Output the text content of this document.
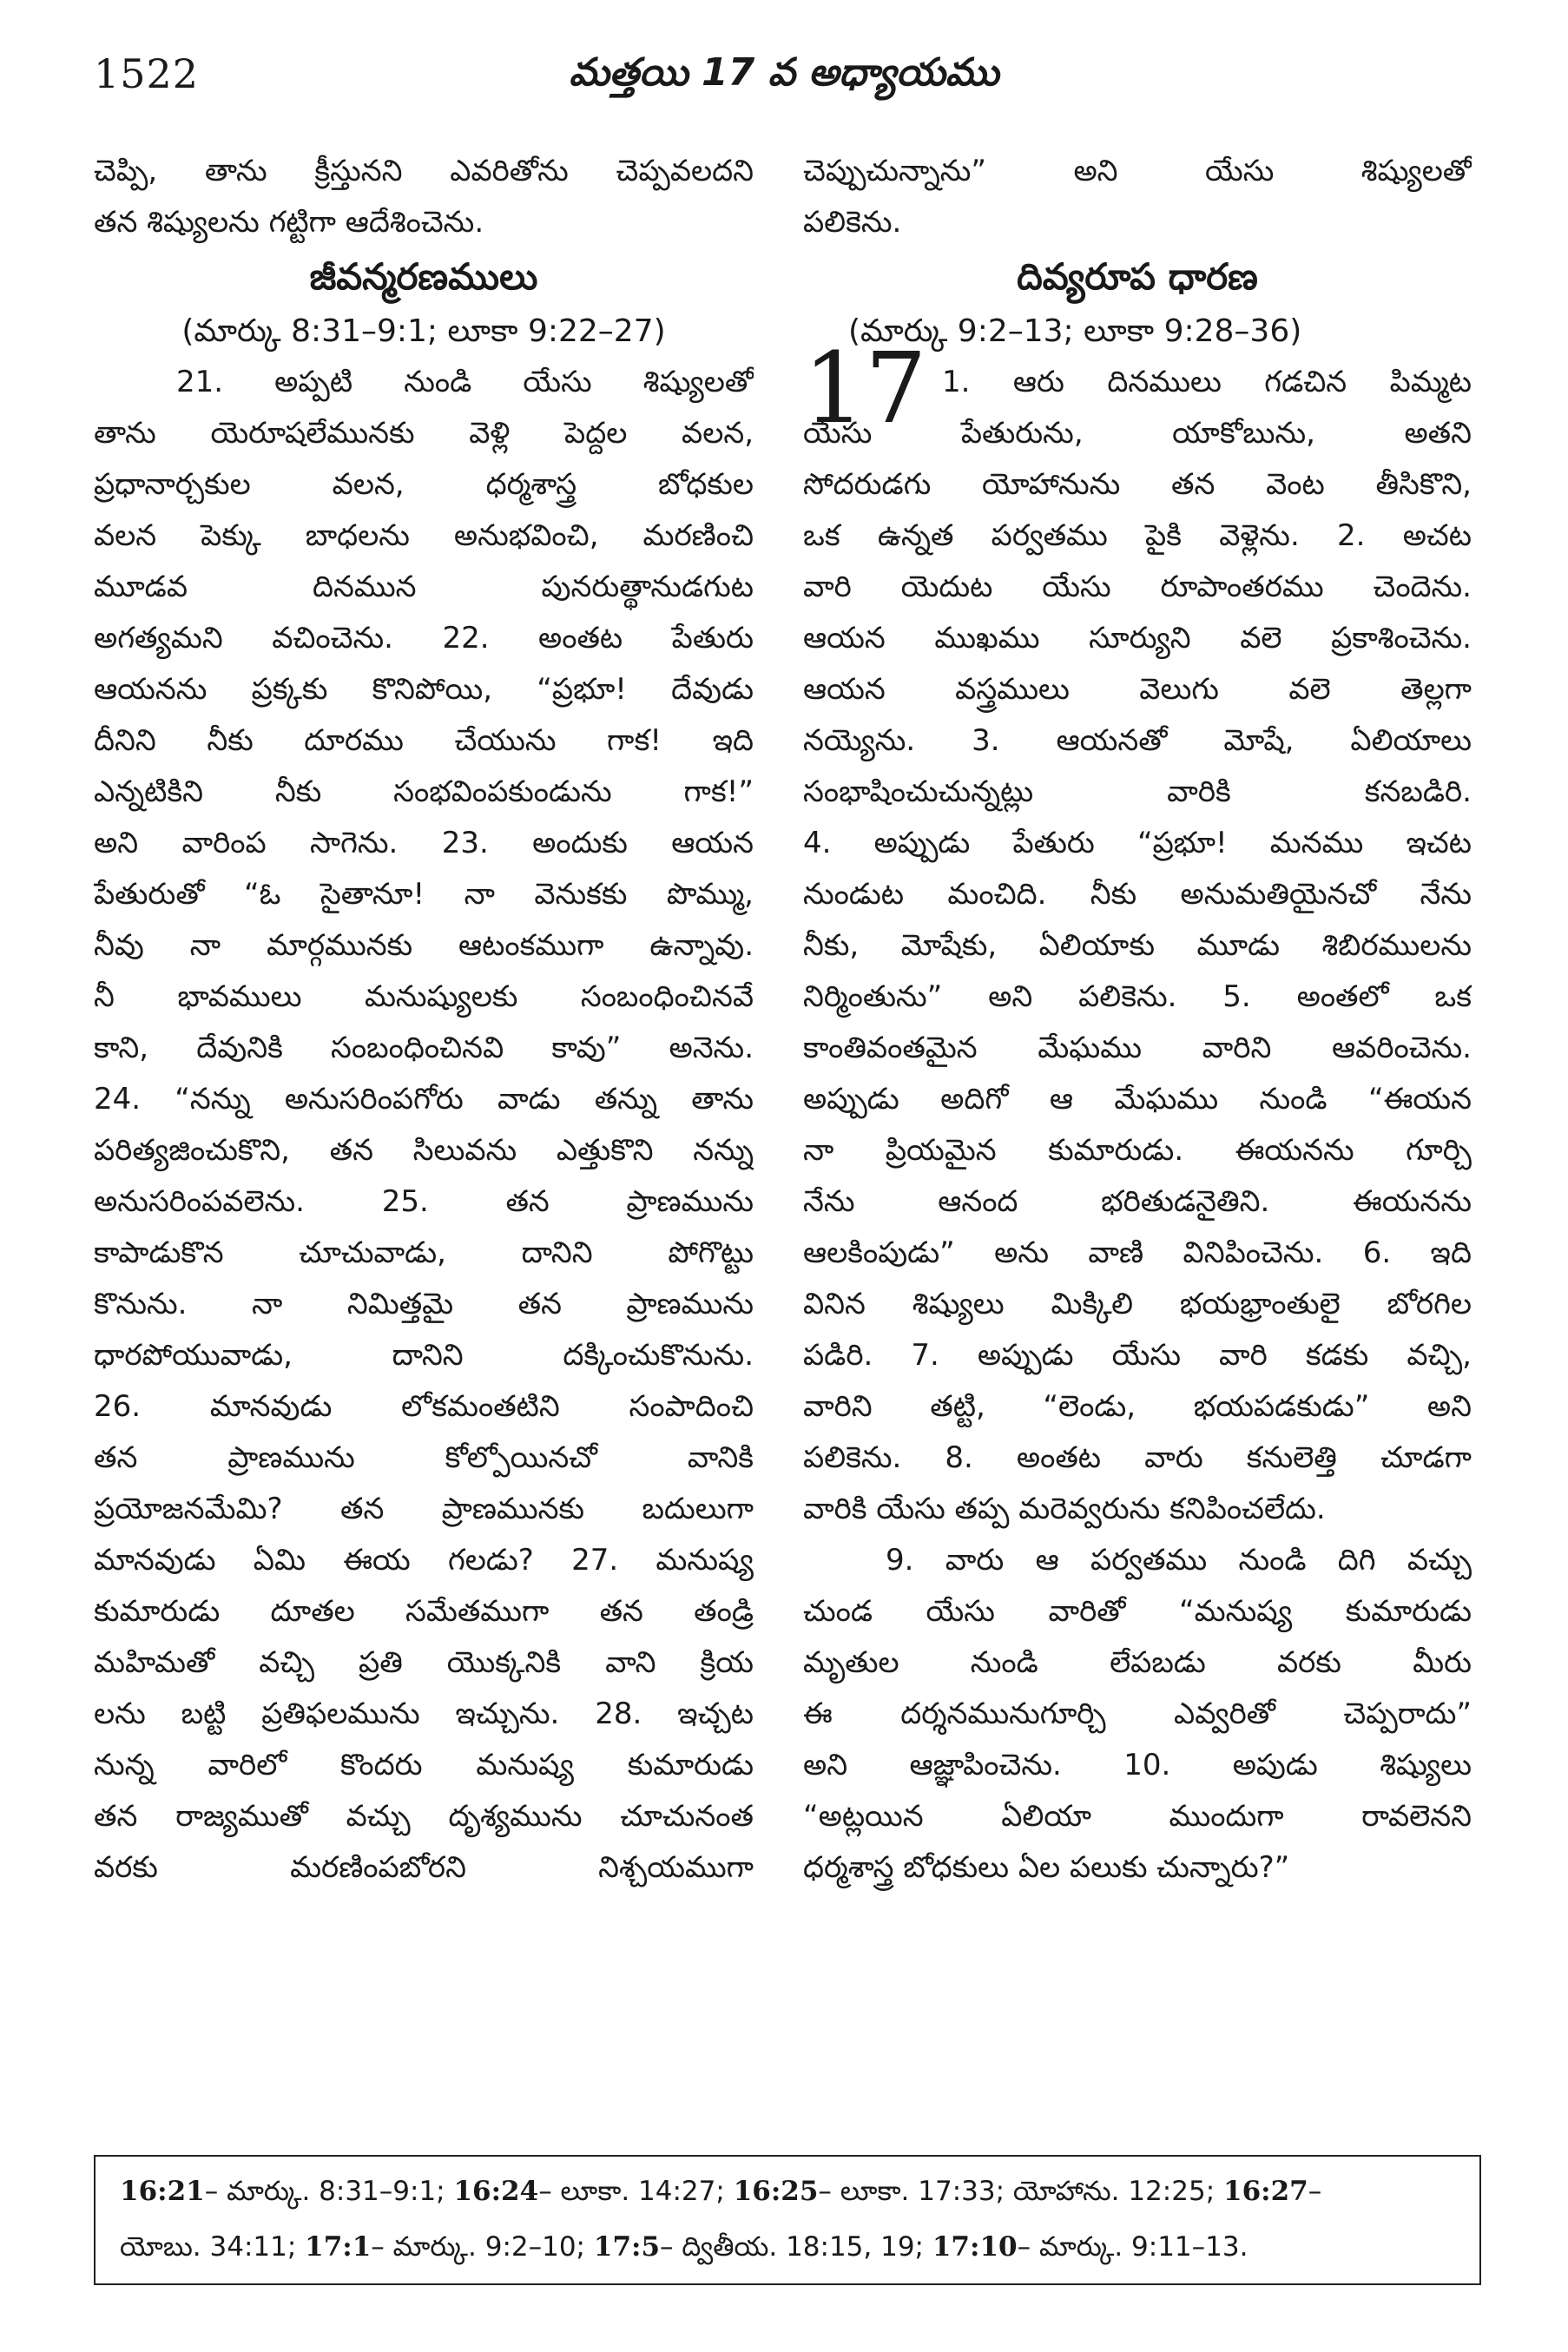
1522	మత్తయి 17 వ అధ్యాయము
చెప్పి, తాను క్రీస్తునని ఎవరితోను చెప్పవలదని
తన శిష్యులను గట్టిగా ఆదేశించెను.
జీవన్మరణములు
(మార్కు 8:31–9:1; లూకా 9:22–27)
21. అప్పటి నుండి యేసు శిష్యులతో
తాను యెరూషలేమునకు వెళ్లి పెద్దల వలన,
ప్రధానార్చకుల వలన, ధర్మశాస్త్ర బోధకుల
వలన పెక్కు బాధలను అనుభవించి, మరణించి
మూడవ దినమున పునరుత్థానుడగుట
అగత్యమని వచించెను. 22. అంతట పేతురు
ఆయనను ప్రక్కకు కొనిపోయి, “ప్రభూ! దేవుడు
దీనిని నీకు దూరము చేయును గాక! ఇది
ఎన్నటికిని నీకు సంభవింపకుండును గాక!”
అని వారింప సాగెను. 23. అందుకు ఆయన
పేతురుతో “ఓ సైతానూ! నా వెనుకకు పొమ్ము,
నీవు నా మార్గమునకు ఆటంకముగా ఉన్నావు.
నీ భావములు మనుష్యులకు సంబంధించినవే
కాని, దేవునికి సంబంధించినవి కావు” అనెను.
24. “నన్ను అనుసరింపగోరు వాడు తన్ను తాను
పరిత్యజించుకొని, తన సిలువను ఎత్తుకొని నన్ను
అనుసరింపవలెను. 25. తన ప్రాణమును
కాపాడుకొన చూచువాడు, దానిని పోగొట్టు
కొనును. నా నిమిత్తమై తన ప్రాణమును
ధారపోయువాడు, దానిని దక్కించుకొనును.
26. మానవుడు లోకమంతటిని సంపాదించి
తన ప్రాణమును కోల్పోయినచో వానికి
ప్రయోజనమేమి? తన ప్రాణమునకు బదులుగా
మానవుడు ఏమి ఈయ గలడు? 27. మనుష్య
కుమారుడు దూతల సమేతముగా తన తండ్రి
మహిమతో వచ్చి ప్రతి యొక్కనికి వాని క్రియ
లను బట్టి ప్రతిఫలమును ఇచ్చును. 28. ఇచ్చట
నున్న వారిలో కొందరు మనుష్య కుమారుడు
తన రాజ్యముతో వచ్చు దృశ్యమును చూచునంత
వరకు మరణింపబోరని నిశ్చయముగా
చెప్పుచున్నాను” అని యేసు శిష్యులతో
పలికెను.
దివ్యరూప ధారణ
(మార్కు 9:2–13; లూకా 9:28–36)
17 1. ఆరు దినములు గడచిన పిమ్మట
యేసు పేతురును, యాకోబును, అతని
సోదరుడగు యోహానును తన వెంట తీసికొని,
ఒక ఉన్నత పర్వతము పైకి వెళ్లెను. 2. అచట
వారి యెదుట యేసు రూపాంతరము చెందెను.
ఆయన ముఖము సూర్యుని వలె ప్రకాశించెను.
ఆయన వస్త్రములు వెలుగు వలె తెల్లగా
నయ్యెను. 3. ఆయనతో మోషే, ఏలియాలు
సంభాషించుచున్నట్లు వారికి కనబడిరి.
4. అప్పుడు పేతురు “ప్రభూ! మనము ఇచట
నుండుట మంచిది. నీకు అనుమతియైనచో నేను
నీకు, మోషేకు, ఏలియాకు మూడు శిబిరములను
నిర్మింతును” అని పలికెను. 5. అంతలో ఒక
కాంతివంతమైన మేఘము వారిని ఆవరించెను.
అప్పుడు అదిగో ఆ మేఘము నుండి “ఈయన
నా ప్రియమైన కుమారుడు. ఈయనను గూర్చి
నేను ఆనంద భరితుడనైతిని. ఈయనను
ఆలకింపుడు” అను వాణి వినిపించెను. 6. ఇది
వినిన శిష్యులు మిక్కిలి భయభ్రాంతులై బోరగిల
పడిరి. 7. అప్పుడు యేసు వారి కడకు వచ్చి,
వారిని తట్టి, “లెండు, భయపడకుడు” అని
పలికెను. 8. అంతట వారు కనులెత్తి చూడగా
వారికి యేసు తప్ప మరెవ్వరును కనిపించలేదు.
9. వారు ఆ పర్వతము నుండి దిగి వచ్చు
చుండ యేసు వారితో “మనుష్య కుమారుడు
మృతుల నుండి లేపబడు వరకు మీరు
ఈ దర్శనమునుగూర్చి ఎవ్వరితో చెప్పరాదు”
అని ఆజ్ఞాపించెను. 10. అపుడు శిష్యులు
“అట్లయిన ఏలియా ముందుగా రావలెనని
ధర్మశాస్త్ర బోధకులు ఏల పలుకు చున్నారు?”
16:21– మార్కు. 8:31–9:1; 16:24– లూకా. 14:27; 16:25– లూకా. 17:33; యోహాను. 12:25; 16:27–
యోబు. 34:11; 17:1– మార్కు. 9:2–10; 17:5– ద్వితీయ. 18:15, 19; 17:10– మార్కు. 9:11–13.
